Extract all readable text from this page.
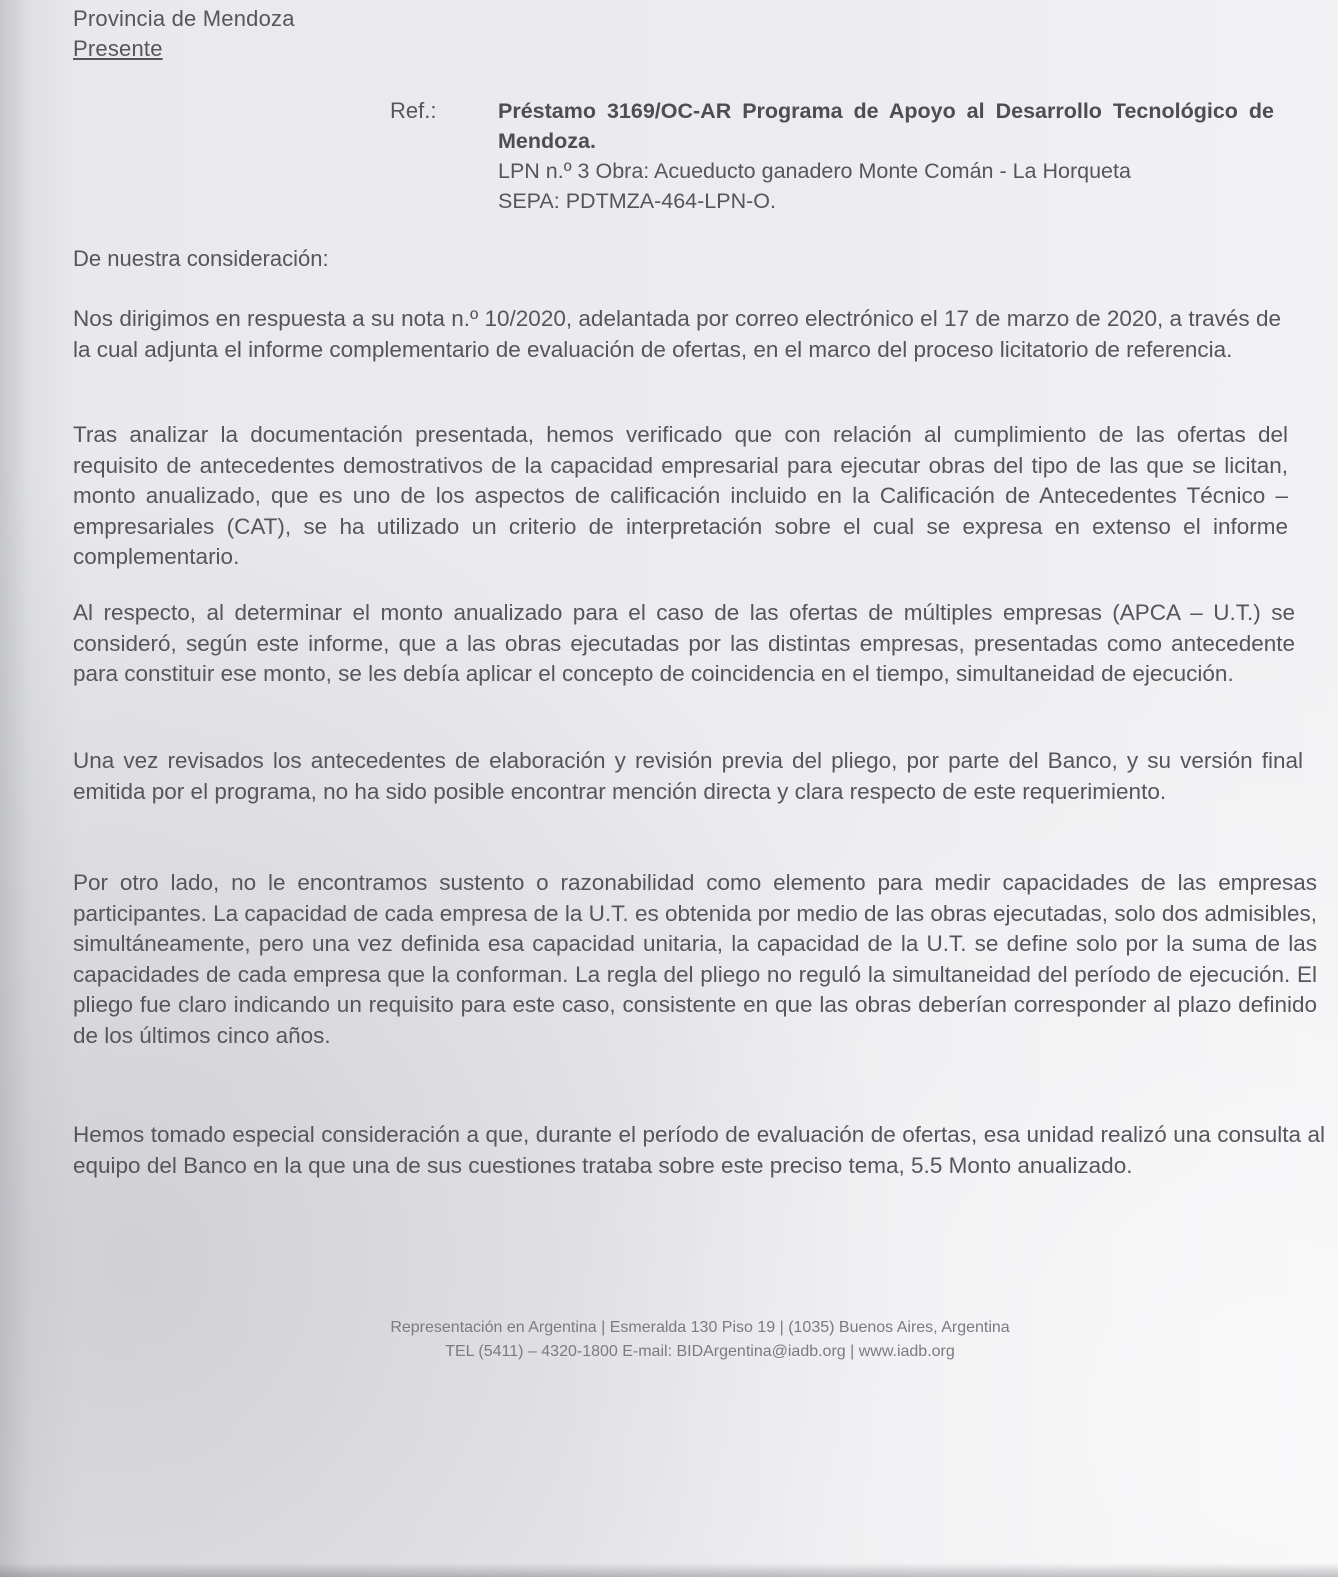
Provincia de Mendoza
Presente
Ref.:	Préstamo 3169/OC-AR Programa de Apoyo al Desarrollo Tecnológico de Mendoza.
LPN n.º 3 Obra: Acueducto ganadero Monte Comán - La Horqueta
SEPA: PDTMZA-464-LPN-O.
De nuestra consideración:

Nos dirigimos en respuesta a su nota n.º 10/2020, adelantada por correo electrónico el 17 de marzo de 2020, a través de la cual adjunta el informe complementario de evaluación de ofertas, en el marco del proceso licitatorio de referencia.

Tras analizar la documentación presentada, hemos verificado que con relación al cumplimiento de las ofertas del requisito de antecedentes demostrativos de la capacidad empresarial para ejecutar obras del tipo de las que se licitan, monto anualizado, que es uno de los aspectos de calificación incluido en la Calificación de Antecedentes Técnico – empresariales (CAT), se ha utilizado un criterio de interpretación sobre el cual se expresa en extenso el informe complementario.

Al respecto, al determinar el monto anualizado para el caso de las ofertas de múltiples empresas (APCA – U.T.) se consideró, según este informe, que a las obras ejecutadas por las distintas empresas, presentadas como antecedente para constituir ese monto, se les debía aplicar el concepto de coincidencia en el tiempo, simultaneidad de ejecución.

Una vez revisados los antecedentes de elaboración y revisión previa del pliego, por parte del Banco, y su versión final emitida por el programa, no ha sido posible encontrar mención directa y clara respecto de este requerimiento.

Por otro lado, no le encontramos sustento o razonabilidad como elemento para medir capacidades de las empresas participantes. La capacidad de cada empresa de la U.T. es obtenida por medio de las obras ejecutadas, solo dos admisibles, simultáneamente, pero una vez definida esa capacidad unitaria, la capacidad de la U.T. se define solo por la suma de las capacidades de cada empresa que la conforman. La regla del pliego no reguló la simultaneidad del período de ejecución. El pliego fue claro indicando un requisito para este caso, consistente en que las obras deberían corresponder al plazo definido de los últimos cinco años.

Hemos tomado especial consideración a que, durante el período de evaluación de ofertas, esa unidad realizó una consulta al equipo del Banco en la que una de sus cuestiones trataba sobre este preciso tema, 5.5 Monto anualizado.

Representación en Argentina | Esmeralda 130 Piso 19 | (1035) Buenos Aires, Argentina
TEL (5411) – 4320-1800 E-mail: BIDArgentina@iadb.org | www.iadb.org
